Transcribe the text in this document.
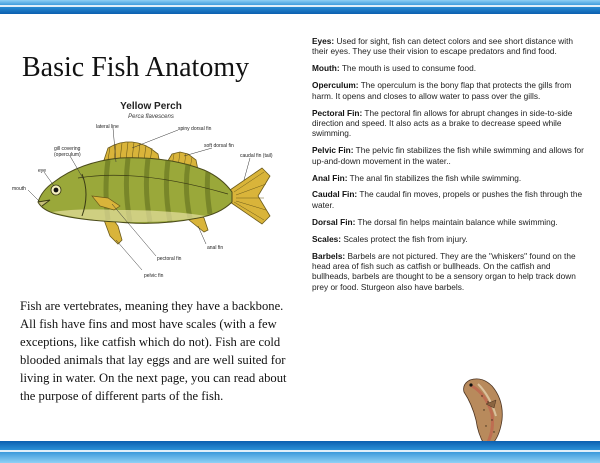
Basic Fish Anatomy
Yellow Perch
Perca flavescens
lateral line	spiny dorsal fin
soft dorsal fin
caudal fin (tail)
gill covering
(operculum)
eye
mouth
anal fin
pectoral fin
pelvic fin
Fish are vertebrates, meaning they have a backbone. All fish have fins and most have scales (with a few exceptions, like catfish which do not). Fish are cold blooded animals that lay eggs and are well suited for living in water. On the next page, you can read about the purpose of different parts of the fish.

Eyes: Used for sight, fish can detect colors and see short distance with their eyes. They use their vision to escape predators and find food.

Mouth: The mouth is used to consume food.

Operculum: The operculum is the bony flap that protects the gills from harm. It opens and closes to allow water to pass over the gills.

Pectoral Fin: The pectoral fin allows for abrupt changes in side-to-side direction and speed. It also acts as a brake to decrease speed while swimming.

Pelvic Fin: The pelvic fin stabilizes the fish while swimming and allows for up-and-down movement in the water..

Anal Fin: The anal fin stabilizes the fish while swimming.

Caudal Fin: The caudal fin moves, propels or pushes the fish through the water.

Dorsal Fin: The dorsal fin helps maintain balance while swimming.

Scales: Scales protect the fish from injury.

Barbels: Barbels are not pictured. They are the "whiskers" found on the head area of fish such as catfish or bullheads. On the catfish and bullheads, barbels are thought to be a sensory organ to help track down prey or food. Sturgeon also have barbels.
